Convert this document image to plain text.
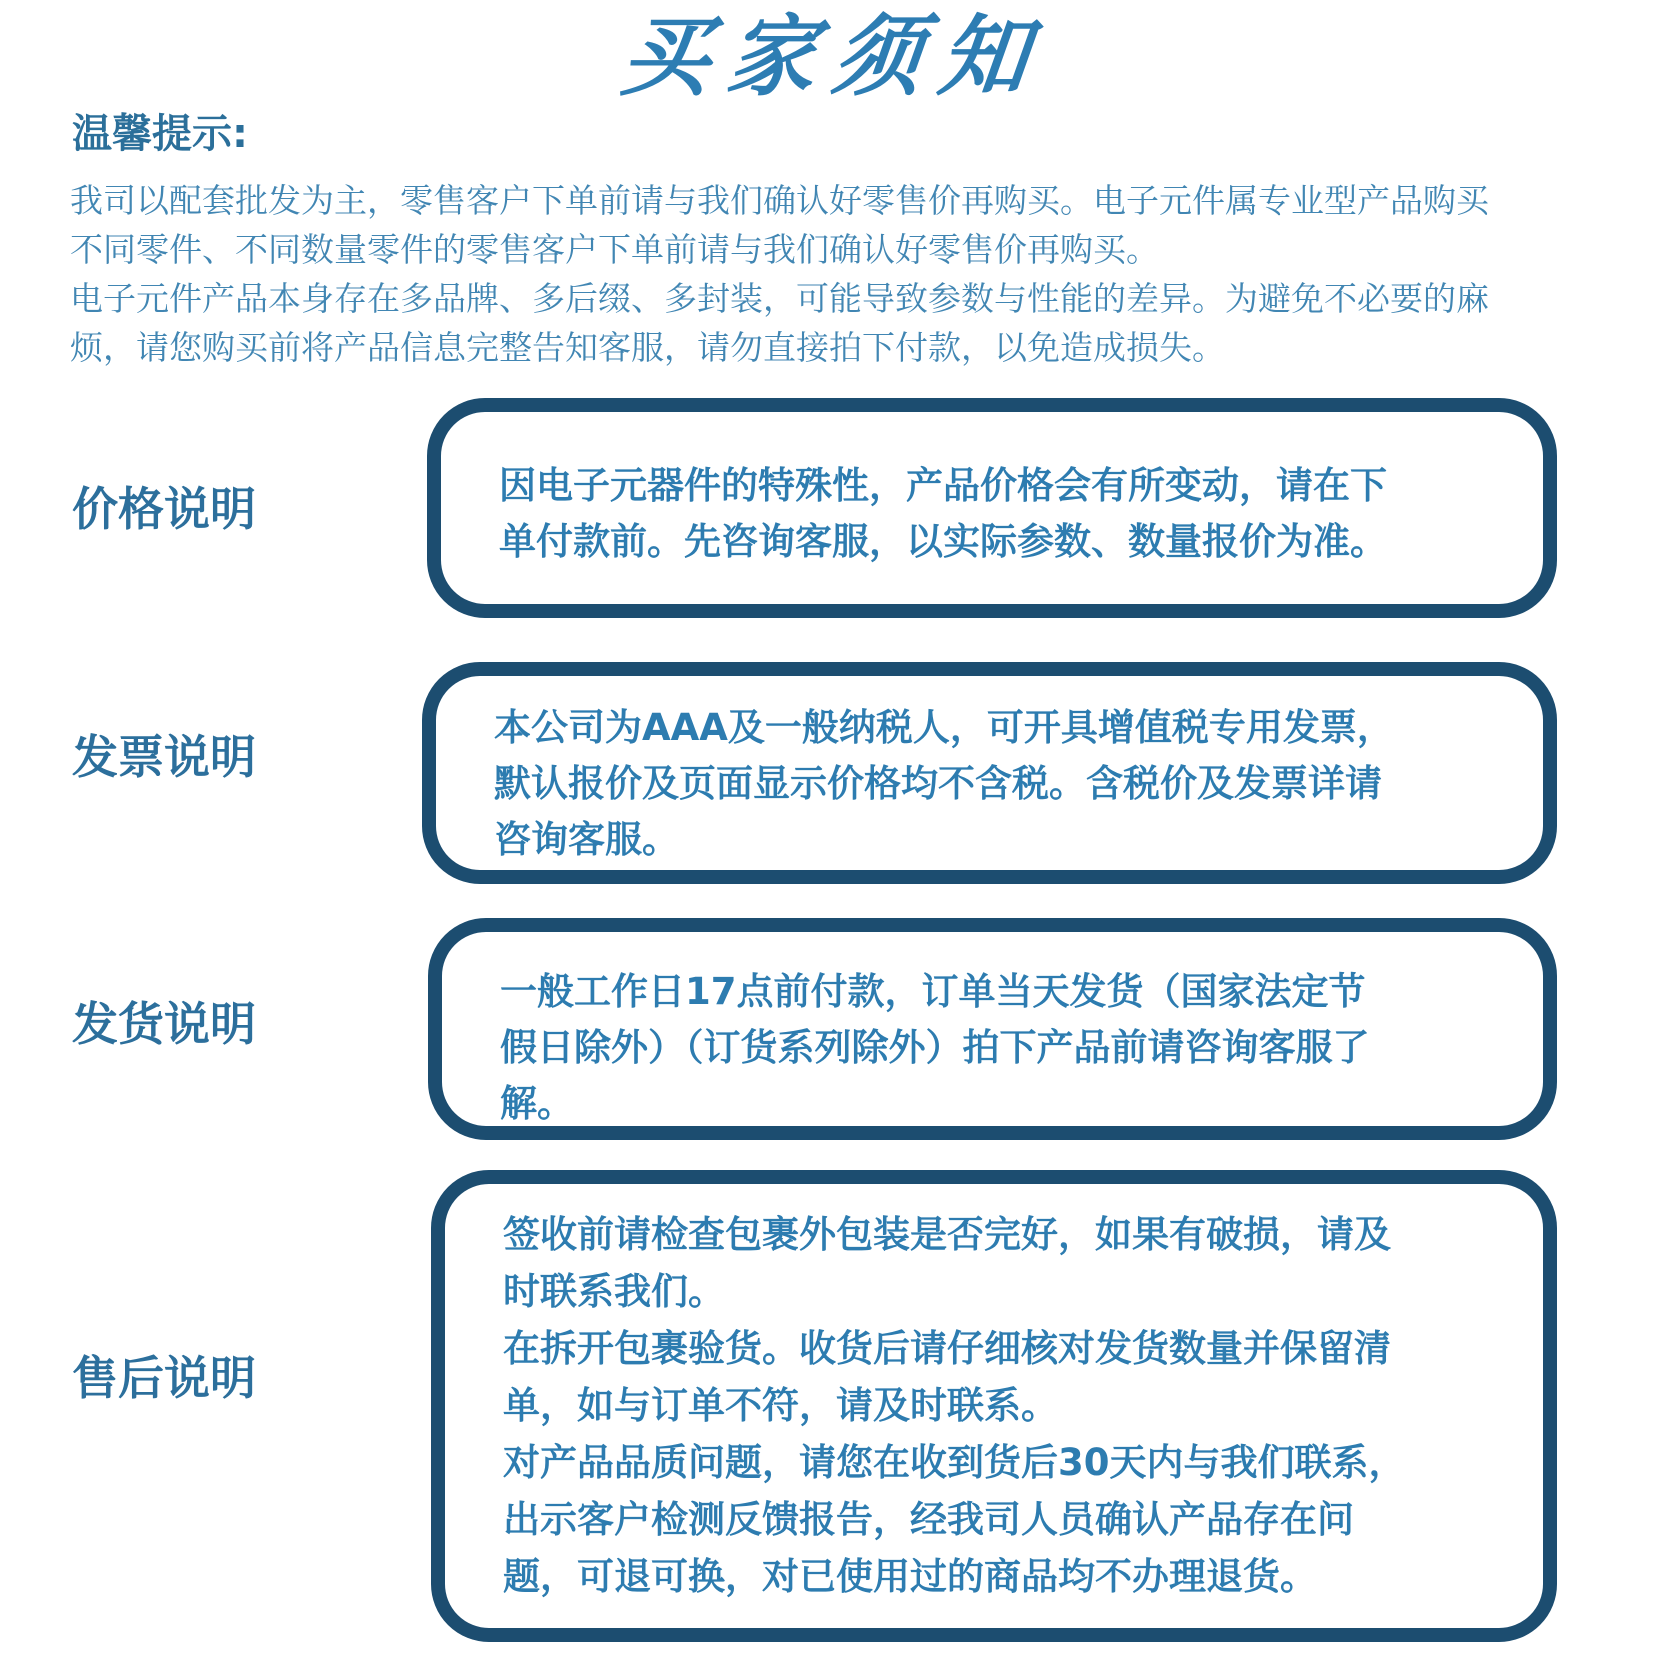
买家须知
温馨提示:
我司以配套批发为主，零售客户下单前请与我们确认好零售价再购买。电子元件属专业型产品购买
不同零件、不同数量零件的零售客户下单前请与我们确认好零售价再购买。
电子元件产品本身存在多品牌、多后缀、多封装，可能导致参数与性能的差异。为避免不必要的麻
烦，请您购买前将产品信息完整告知客服，请勿直接拍下付款，以免造成损失。
价格说明	因电子元器件的特殊性，产品价格会有所变动，请在下
单付款前。先咨询客服，以实际参数、数量报价为准。
发票说明
本公司为AAA及一般纳税人，可开具增值税专用发票，
默认报价及页面显示价格均不含税。含税价及发票详请
咨询客服。
发货说明
一般工作日17点前付款，订单当天发货（国家法定节
假日除外）（订货系列除外）拍下产品前请咨询客服了
解。
售后说明
签收前请检查包裹外包装是否完好，如果有破损，请及
时联系我们。
在拆开包裹验货。收货后请仔细核对发货数量并保留清
单，如与订单不符，请及时联系。
对产品品质问题，请您在收到货后30天内与我们联系，
出示客户检测反馈报告，经我司人员确认产品存在问
题，可退可换，对已使用过的商品均不办理退货。
